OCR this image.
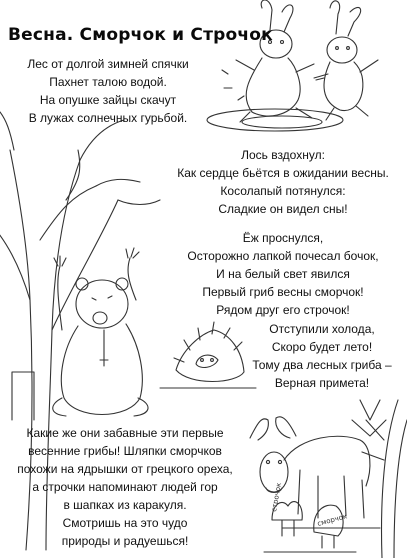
Весна. Сморчок и Строчок
Лес от долгой зимней спячки
Пахнет талою водой.
На опушке зайцы скачут
В лужах солнечных гурьбой.
Лось вздохнул:
Как сердце бьётся в ожидании весны.
Косолапый потянулся:
Сладкие он видел сны!
Ёж проснулся,
Осторожно лапкой почесал бочок,
И на белый свет явился
Первый гриб весны сморчок!
Рядом друг его строчок!
Отступили холода,
Скоро будет лето!
Тому два лесных гриба –
Верная примета!
Какие же они забавные эти первые
весенние грибы! Шляпки сморчков
похожи на ядрышки от грецкого ореха,
а строчки напоминают людей гор
в шапках из каракуля.
Смотришь на это чудо
природы и радуешься!
строчок
сморчок
